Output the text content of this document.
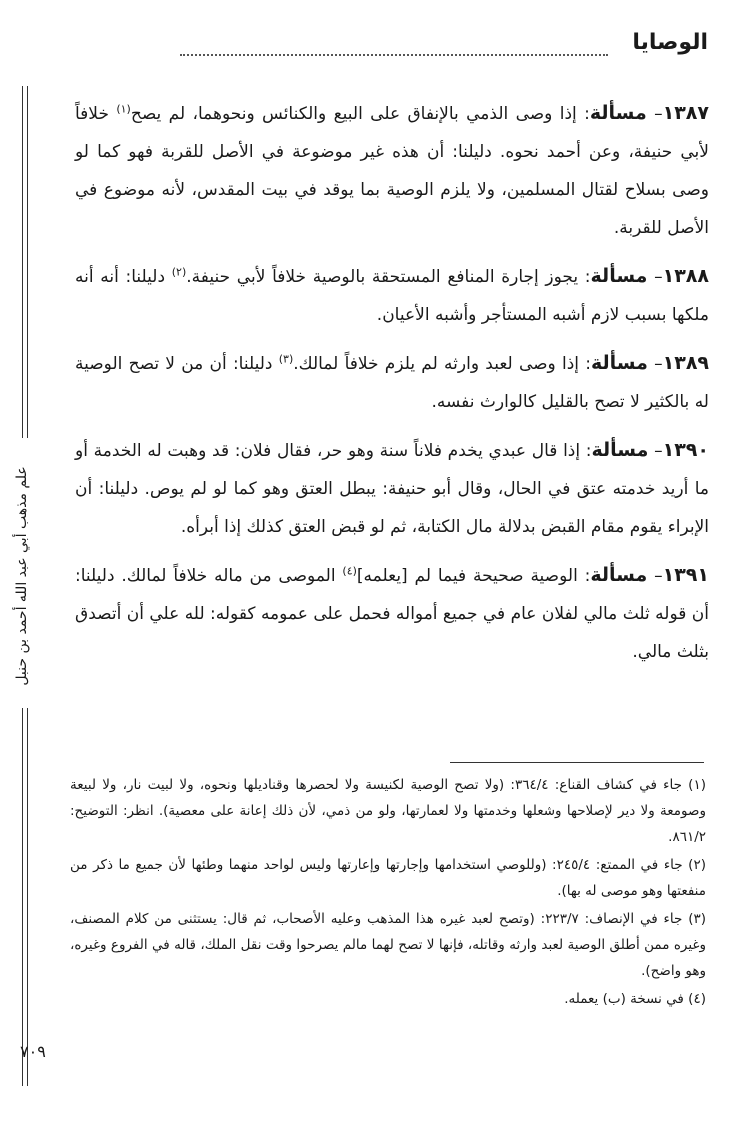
الوصايا
علم مذهب أبي عبد الله أحمد بن حنبل

١٣٨٧– مسألة: إذا وصى الذمي بالإنفاق على البيع والكنائس ونحوهما، لم يصح$^{(١)}$ خلافاً لأبي حنيفة، وعن أحمد نحوه. دليلنا: أن هذه غير موضوعة في الأصل للقربة فهو كما لو وصى بسلاح لقتال المسلمين، ولا يلزم الوصية بما يوقد في بيت المقدس، لأنه موضوع في الأصل للقربة.

١٣٨٨– مسألة: يجوز إجارة المنافع المستحقة بالوصية خلافاً لأبي حنيفة.$^{(٢)}$ دليلنا: أنه أنه ملكها بسبب لازم أشبه المستأجر وأشبه الأعيان.

١٣٨٩– مسألة: إذا وصى لعبد وارثه لم يلزم خلافاً لمالك.$^{(٣)}$ دليلنا: أن من لا تصح الوصية له بالكثير لا تصح بالقليل كالوارث نفسه.

١٣٩٠– مسألة: إذا قال عبدي يخدم فلاناً سنة وهو حر، فقال فلان: قد وهبت له الخدمة أو ما أريد خدمته عتق في الحال، وقال أبو حنيفة: يبطل العتق وهو كما لو لم يوص. دليلنا: أن الإبراء يقوم مقام القبض بدلالة مال الكتابة، ثم لو قبض العتق كذلك إذا أبرأه.

١٣٩١– مسألة: الوصية صحيحة فيما لم [يعلمه]$^{(٤)}$ الموصى من ماله خلافاً لمالك. دليلنا: أن قوله ثلث مالي لفلان عام في جميع أمواله فحمل على عمومه كقوله: لله علي أن أتصدق بثلث مالي.

(١) جاء في كشاف القناع: ٣٦٤/٤: (ولا تصح الوصية لكنيسة ولا لحصرها وقناديلها ونحوه، ولا لبيت نار، ولا لبيعة وصومعة ولا دير لإصلاحها وشعلها وخدمتها ولا لعمارتها، ولو من ذمي، لأن ذلك إعانة على معصية). انظر: التوضيح: ٨٦١/٢.

(٢) جاء في الممتع: ٢٤٥/٤: (وللوصي استخدامها وإجارتها وإعارتها وليس لواحد منهما وطئها لأن جميع ما ذكر من منفعتها وهو موصى له بها).

(٣) جاء في الإنصاف: ٢٢٣/٧: (وتصح لعبد غيره هذا المذهب وعليه الأصحاب، ثم قال: يستثنى من كلام المصنف، وغيره ممن أطلق الوصية لعبد وارثه وقاتله، فإنها لا تصح لهما مالم يصرحوا وقت نقل الملك، قاله في الفروع وغيره، وهو واضح).

(٤) في نسخة (ب) يعمله.

٧٠٩
